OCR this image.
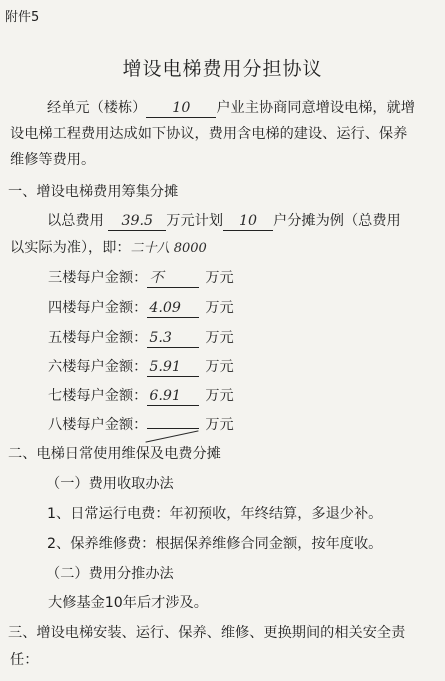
附件5
增设电梯费用分担协议
经单元（楼栋） 10 户业主协商同意增设电梯，就增
设电梯工程费用达成如下协议，费用含电梯的建设、运行、保养
维修等费用。
一、增设电梯费用筹集分摊
以总费用 39.5 万元计划 10 户分摊为例（总费用
以实际为准），即：二十八 8000
三楼每户金额： 不	万元
四楼每户金额： 4.09 万元
五楼每户金额： 5.3 万元
六楼每户金额： 5.91 万元
七楼每户金额： 6.91 万元
八楼每户金额：	万元
二、电梯日常使用维保及电费分摊
（一）费用收取办法
1、日常运行电费：年初预收，年终结算，多退少补。
2、保养维修费：根据保养维修合同金额，按年度收。
（二）费用分推办法
大修基金10年后才涉及。
三、增设电梯安装、运行、保养、维修、更换期间的相关安全责
任：
